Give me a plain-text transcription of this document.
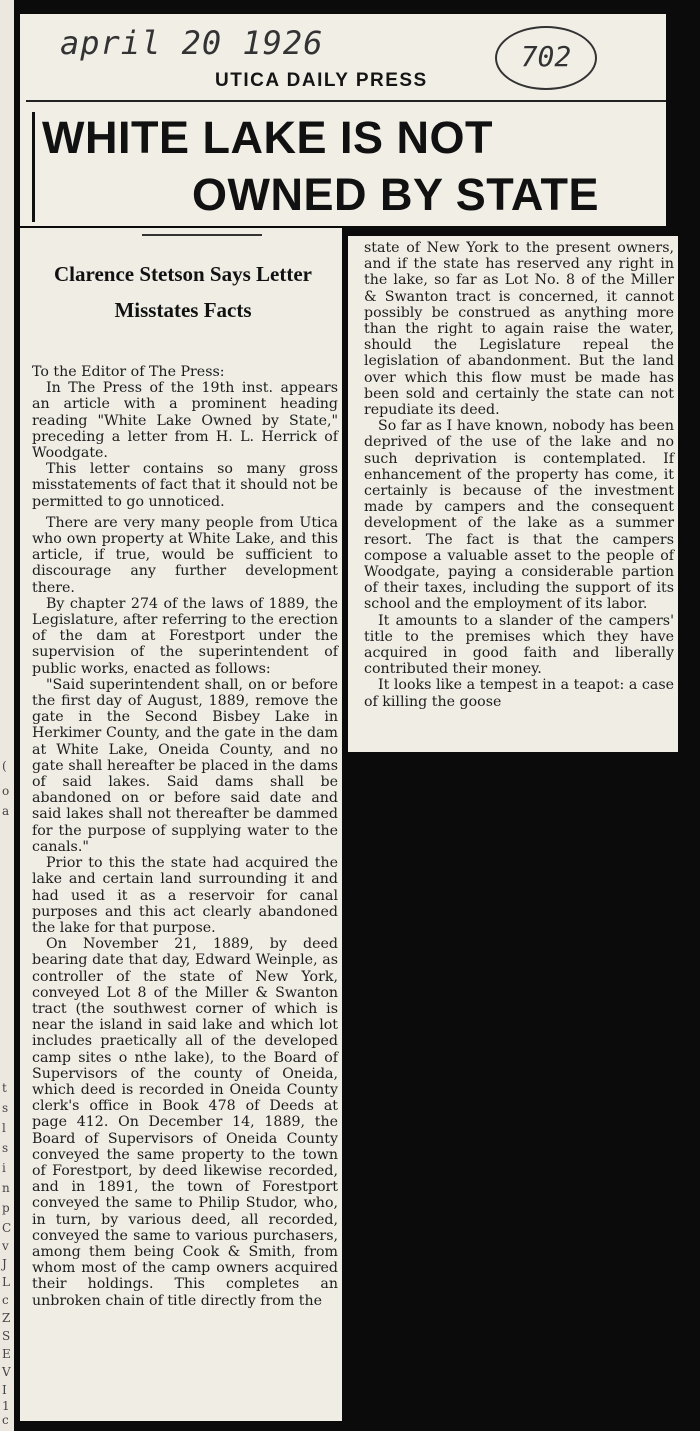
(
o
a
t
s
l
s
i
n
p
C
v
J
L
c
Z
S
E
V
I
1
c
april 20 1926	702
UTICA DAILY PRESS
WHITE LAKE IS NOT
OWNED BY STATE
Clarence Stetson Says Letter Misstates Facts

To the Editor of The Press:

In The Press of the 19th inst. appears an article with a prominent heading reading "White Lake Owned by State," preceding a letter from H. L. Herrick of Woodgate.

This letter contains so many gross misstatements of fact that it should not be permitted to go unnoticed.

There are very many people from Utica who own property at White Lake, and this article, if true, would be sufficient to discourage any further development there.

By chapter 274 of the laws of 1889, the Legislature, after referring to the erection of the dam at Forestport under the supervision of the superintendent of public works, enacted as follows:

"Said superintendent shall, on or before the first day of August, 1889, remove the gate in the Second Bisbey Lake in Herkimer County, and the gate in the dam at White Lake, Oneida County, and no gate shall hereafter be placed in the dams of said lakes. Said dams shall be abandoned on or before said date and said lakes shall not thereafter be dammed for the purpose of supplying water to the canals."

Prior to this the state had acquired the lake and certain land surrounding it and had used it as a reservoir for canal purposes and this act clearly abandoned the lake for that purpose.

On November 21, 1889, by deed bearing date that day, Edward Weinple, as controller of the state of New York, conveyed Lot 8 of the Miller & Swanton tract (the southwest corner of which is near the island in said lake and which lot includes praetically all of the developed camp sites o nthe lake), to the Board of Supervisors of the county of Oneida, which deed is recorded in Oneida County clerk's office in Book 478 of Deeds at page 412. On December 14, 1889, the Board of Supervisors of Oneida County conveyed the same property to the town of Forestport, by deed likewise recorded, and in 1891, the town of Forestport conveyed the same to Philip Studor, who, in turn, by various deed, all recorded, conveyed the same to various purchasers, among them being Cook & Smith, from whom most of the camp owners acquired their holdings. This completes an unbroken chain of title directly from the

state of New York to the present owners, and if the state has reserved any right in the lake, so far as Lot No. 8 of the Miller & Swanton tract is concerned, it cannot possibly be construed as anything more than the right to again raise the water, should the Legislature repeal the legislation of abandonment. But the land over which this flow must be made has been sold and certainly the state can not repudiate its deed.

So far as I have known, nobody has been deprived of the use of the lake and no such deprivation is contemplated. If enhancement of the property has come, it certainly is because of the investment made by campers and the consequent development of the lake as a summer resort. The fact is that the campers compose a valuable asset to the people of Woodgate, paying a considerable partion of their taxes, including the support of its school and the employment of its labor.

It amounts to a slander of the campers' title to the premises which they have acquired in good faith and liberally contributed their money.

It looks like a tempest in a teapot: a case of killing the goose
